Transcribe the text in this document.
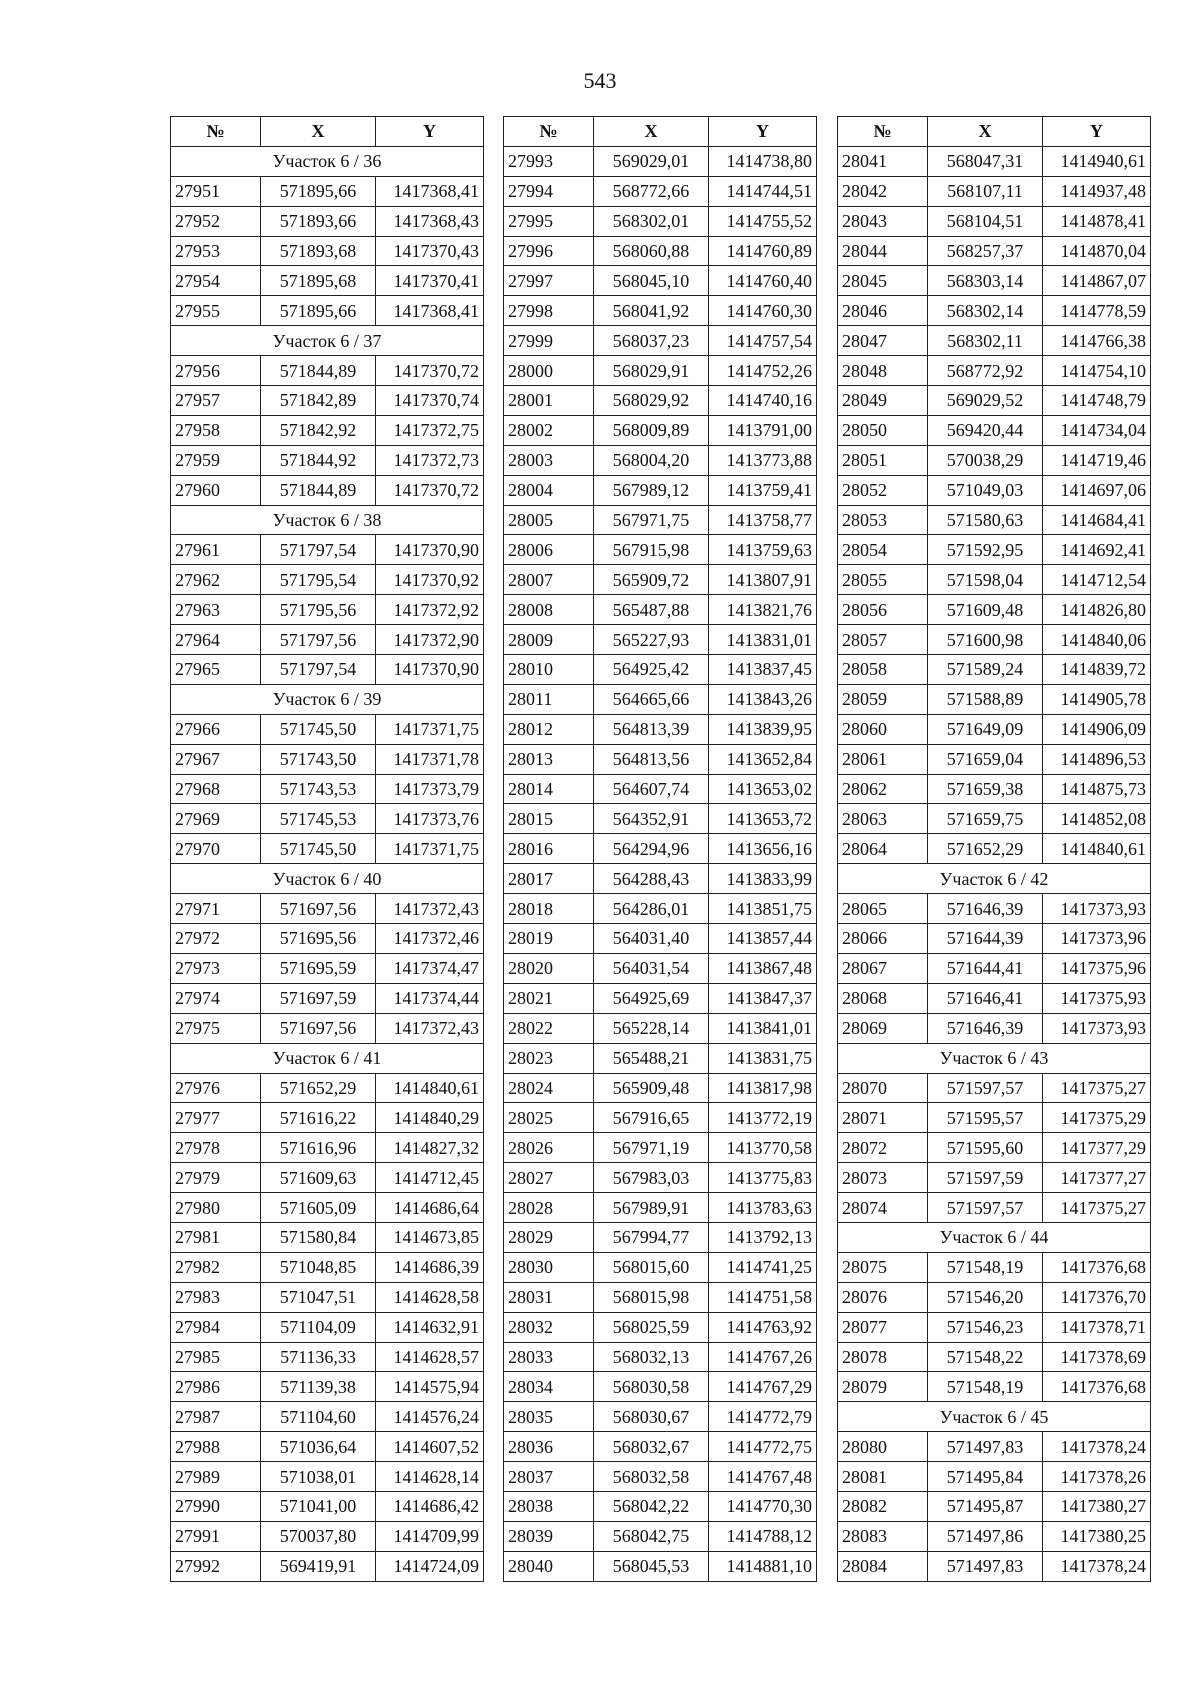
543
№	X	Y
Участок 6 / 36		
27951	571895,66	1417368,41
27952	571893,66	1417368,43
27953	571893,68	1417370,43
27954	571895,68	1417370,41
27955	571895,66	1417368,41
Участок 6 / 37		
27956	571844,89	1417370,72
27957	571842,89	1417370,74
27958	571842,92	1417372,75
27959	571844,92	1417372,73
27960	571844,89	1417370,72
Участок 6 / 38		
27961	571797,54	1417370,90
27962	571795,54	1417370,92
27963	571795,56	1417372,92
27964	571797,56	1417372,90
27965	571797,54	1417370,90
Участок 6 / 39		
27966	571745,50	1417371,75
27967	571743,50	1417371,78
27968	571743,53	1417373,79
27969	571745,53	1417373,76
27970	571745,50	1417371,75
Участок 6 / 40		
27971	571697,56	1417372,43
27972	571695,56	1417372,46
27973	571695,59	1417374,47
27974	571697,59	1417374,44
27975	571697,56	1417372,43
Участок 6 / 41		
27976	571652,29	1414840,61
27977	571616,22	1414840,29
27978	571616,96	1414827,32
27979	571609,63	1414712,45
27980	571605,09	1414686,64
27981	571580,84	1414673,85
27982	571048,85	1414686,39
27983	571047,51	1414628,58
27984	571104,09	1414632,91
27985	571136,33	1414628,57
27986	571139,38	1414575,94
27987	571104,60	1414576,24
27988	571036,64	1414607,52
27989	571038,01	1414628,14
27990	571041,00	1414686,42
27991	570037,80	1414709,99
27992	569419,91	1414724,09
№	X	Y
27993	569029,01	1414738,80
27994	568772,66	1414744,51
27995	568302,01	1414755,52
27996	568060,88	1414760,89
27997	568045,10	1414760,40
27998	568041,92	1414760,30
27999	568037,23	1414757,54
28000	568029,91	1414752,26
28001	568029,92	1414740,16
28002	568009,89	1413791,00
28003	568004,20	1413773,88
28004	567989,12	1413759,41
28005	567971,75	1413758,77
28006	567915,98	1413759,63
28007	565909,72	1413807,91
28008	565487,88	1413821,76
28009	565227,93	1413831,01
28010	564925,42	1413837,45
28011	564665,66	1413843,26
28012	564813,39	1413839,95
28013	564813,56	1413652,84
28014	564607,74	1413653,02
28015	564352,91	1413653,72
28016	564294,96	1413656,16
28017	564288,43	1413833,99
28018	564286,01	1413851,75
28019	564031,40	1413857,44
28020	564031,54	1413867,48
28021	564925,69	1413847,37
28022	565228,14	1413841,01
28023	565488,21	1413831,75
28024	565909,48	1413817,98
28025	567916,65	1413772,19
28026	567971,19	1413770,58
28027	567983,03	1413775,83
28028	567989,91	1413783,63
28029	567994,77	1413792,13
28030	568015,60	1414741,25
28031	568015,98	1414751,58
28032	568025,59	1414763,92
28033	568032,13	1414767,26
28034	568030,58	1414767,29
28035	568030,67	1414772,79
28036	568032,67	1414772,75
28037	568032,58	1414767,48
28038	568042,22	1414770,30
28039	568042,75	1414788,12
28040	568045,53	1414881,10
№	X	Y
28041	568047,31	1414940,61
28042	568107,11	1414937,48
28043	568104,51	1414878,41
28044	568257,37	1414870,04
28045	568303,14	1414867,07
28046	568302,14	1414778,59
28047	568302,11	1414766,38
28048	568772,92	1414754,10
28049	569029,52	1414748,79
28050	569420,44	1414734,04
28051	570038,29	1414719,46
28052	571049,03	1414697,06
28053	571580,63	1414684,41
28054	571592,95	1414692,41
28055	571598,04	1414712,54
28056	571609,48	1414826,80
28057	571600,98	1414840,06
28058	571589,24	1414839,72
28059	571588,89	1414905,78
28060	571649,09	1414906,09
28061	571659,04	1414896,53
28062	571659,38	1414875,73
28063	571659,75	1414852,08
28064	571652,29	1414840,61
Участок 6 / 42		
28065	571646,39	1417373,93
28066	571644,39	1417373,96
28067	571644,41	1417375,96
28068	571646,41	1417375,93
28069	571646,39	1417373,93
Участок 6 / 43		
28070	571597,57	1417375,27
28071	571595,57	1417375,29
28072	571595,60	1417377,29
28073	571597,59	1417377,27
28074	571597,57	1417375,27
Участок 6 / 44		
28075	571548,19	1417376,68
28076	571546,20	1417376,70
28077	571546,23	1417378,71
28078	571548,22	1417378,69
28079	571548,19	1417376,68
Участок 6 / 45		
28080	571497,83	1417378,24
28081	571495,84	1417378,26
28082	571495,87	1417380,27
28083	571497,86	1417380,25
28084	571497,83	1417378,24
